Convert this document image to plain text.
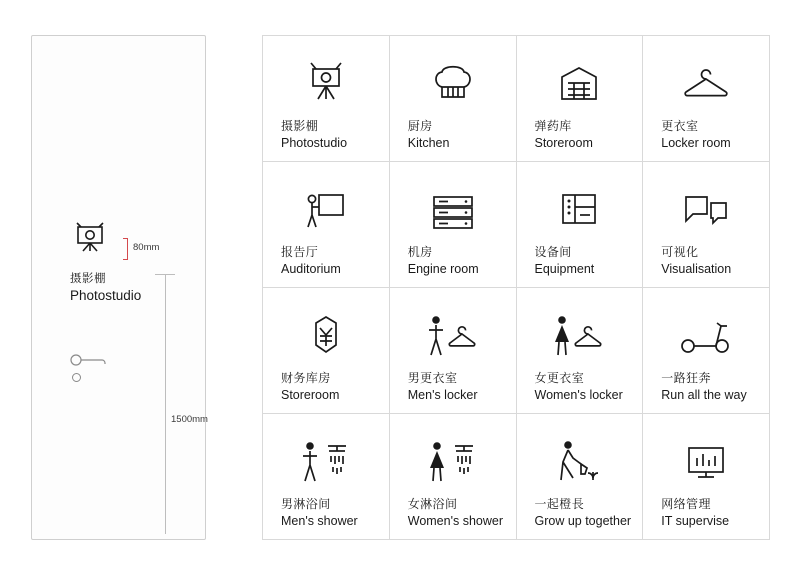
摄影棚
Photostudio
80mm
1500mm
摄影棚
Photostudio
厨房
Kitchen
弹药库
Storeroom
更衣室
Locker room
报告厅
Auditorium
机房
Engine room
设备间
Equipment
可视化
Visualisation
财务库房
Storeroom
男更衣室
Men's locker
女更衣室
Women's locker
一路狂奔
Run all the way
男淋浴间
Men's shower
女淋浴间
Women's shower
一起橙長
Grow up together
网络管理
IT supervise
